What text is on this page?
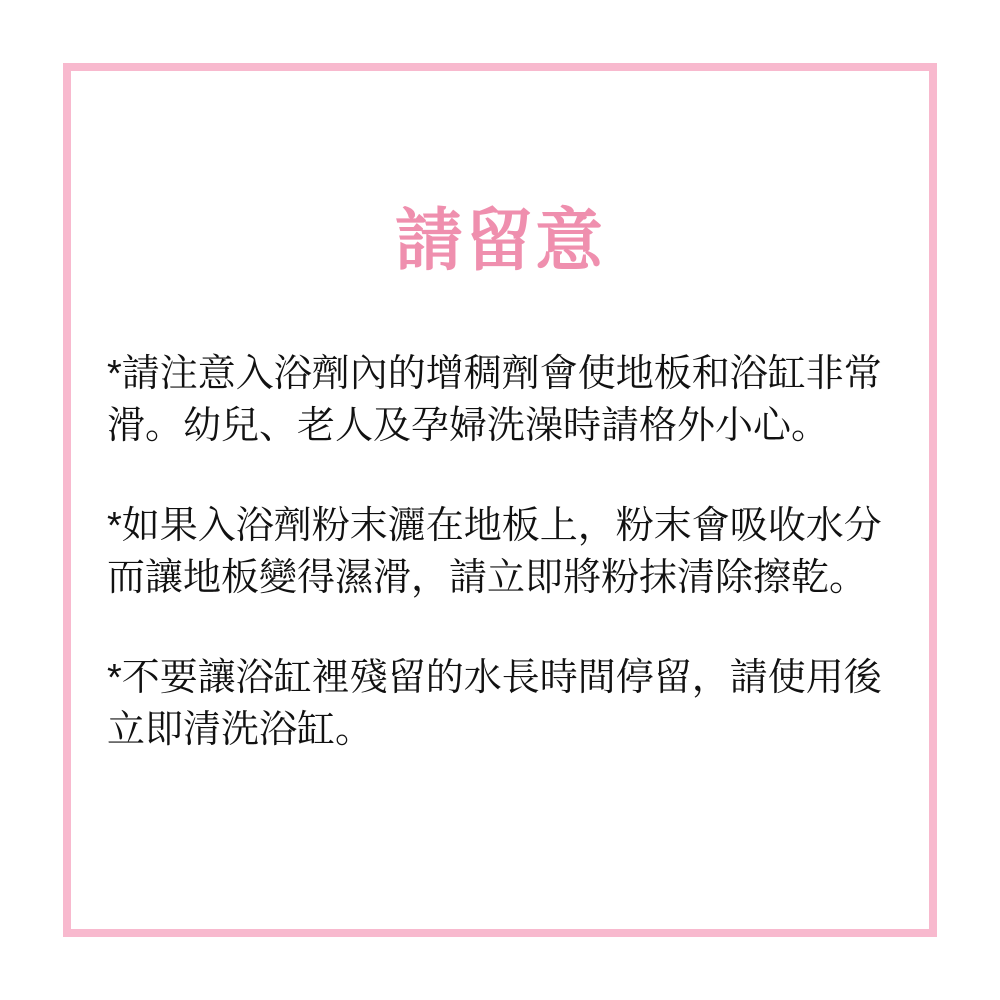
請留意

*請注意入浴劑內的增稠劑會使地板和浴缸非常
滑。幼兒、老人及孕婦洗澡時請格外小心。

*如果入浴劑粉末灑在地板上，粉末會吸收水分
而讓地板變得濕滑，請立即將粉抹清除擦乾。

*不要讓浴缸裡殘留的水長時間停留，請使用後
立即清洗浴缸。
